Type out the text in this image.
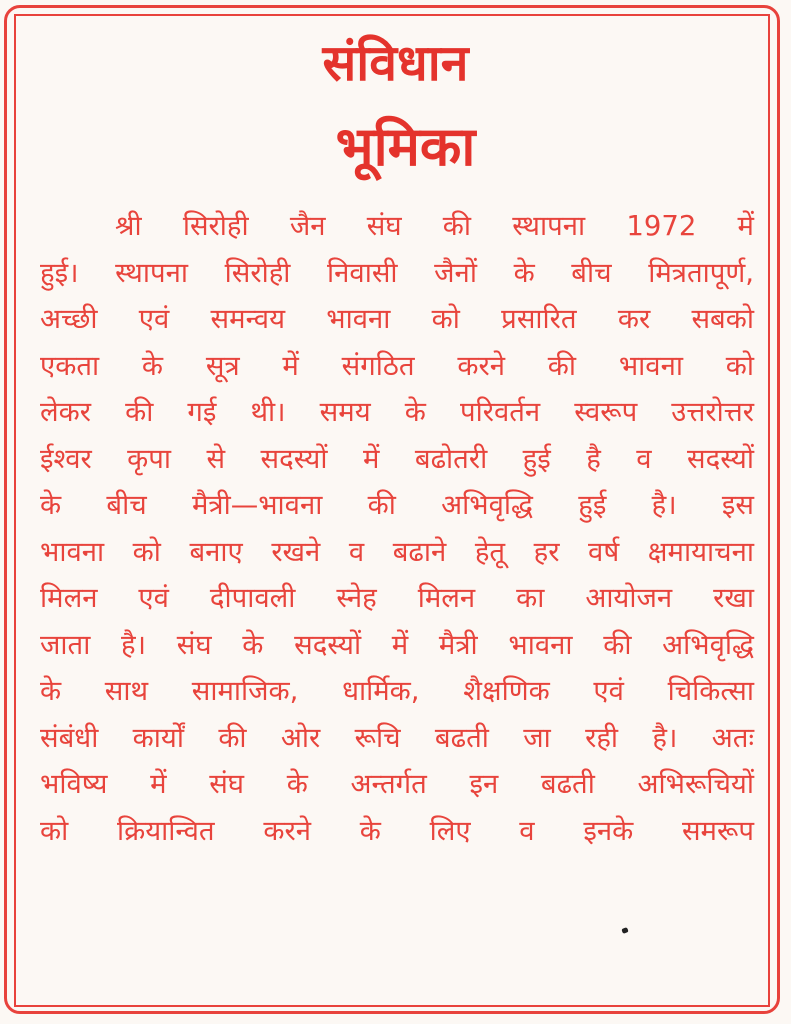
संविधान
भूमिका
श्री सिरोही जैन संघ की स्थापना 1972 में
हुई। स्थापना सिरोही निवासी जैनों के बीच मित्रतापूर्ण,
अच्छी एवं समन्वय भावना को प्रसारित कर सबको
एकता के सूत्र में संगठित करने की भावना को
लेकर की गई थी। समय के परिवर्तन स्वरूप उत्तरोत्तर
ईश्वर कृपा से सदस्यों में बढोतरी हुई है व सदस्यों
के बीच मैत्री—भावना की अभिवृद्धि हुई है। इस
भावना को बनाए रखने व बढाने हेतू हर वर्ष क्षमायाचना
मिलन एवं दीपावली स्नेह मिलन का आयोजन रखा
जाता है। संघ के सदस्यों में मैत्री भावना की अभिवृद्धि
के साथ सामाजिक, धार्मिक, शैक्षणिक एवं चिकित्सा
संबंधी कार्यों की ओर रूचि बढती जा रही है। अतः
भविष्य में संघ के अन्तर्गत इन बढती अभिरूचियों
को क्रियान्वित करने के लिए व इनके समरूप
